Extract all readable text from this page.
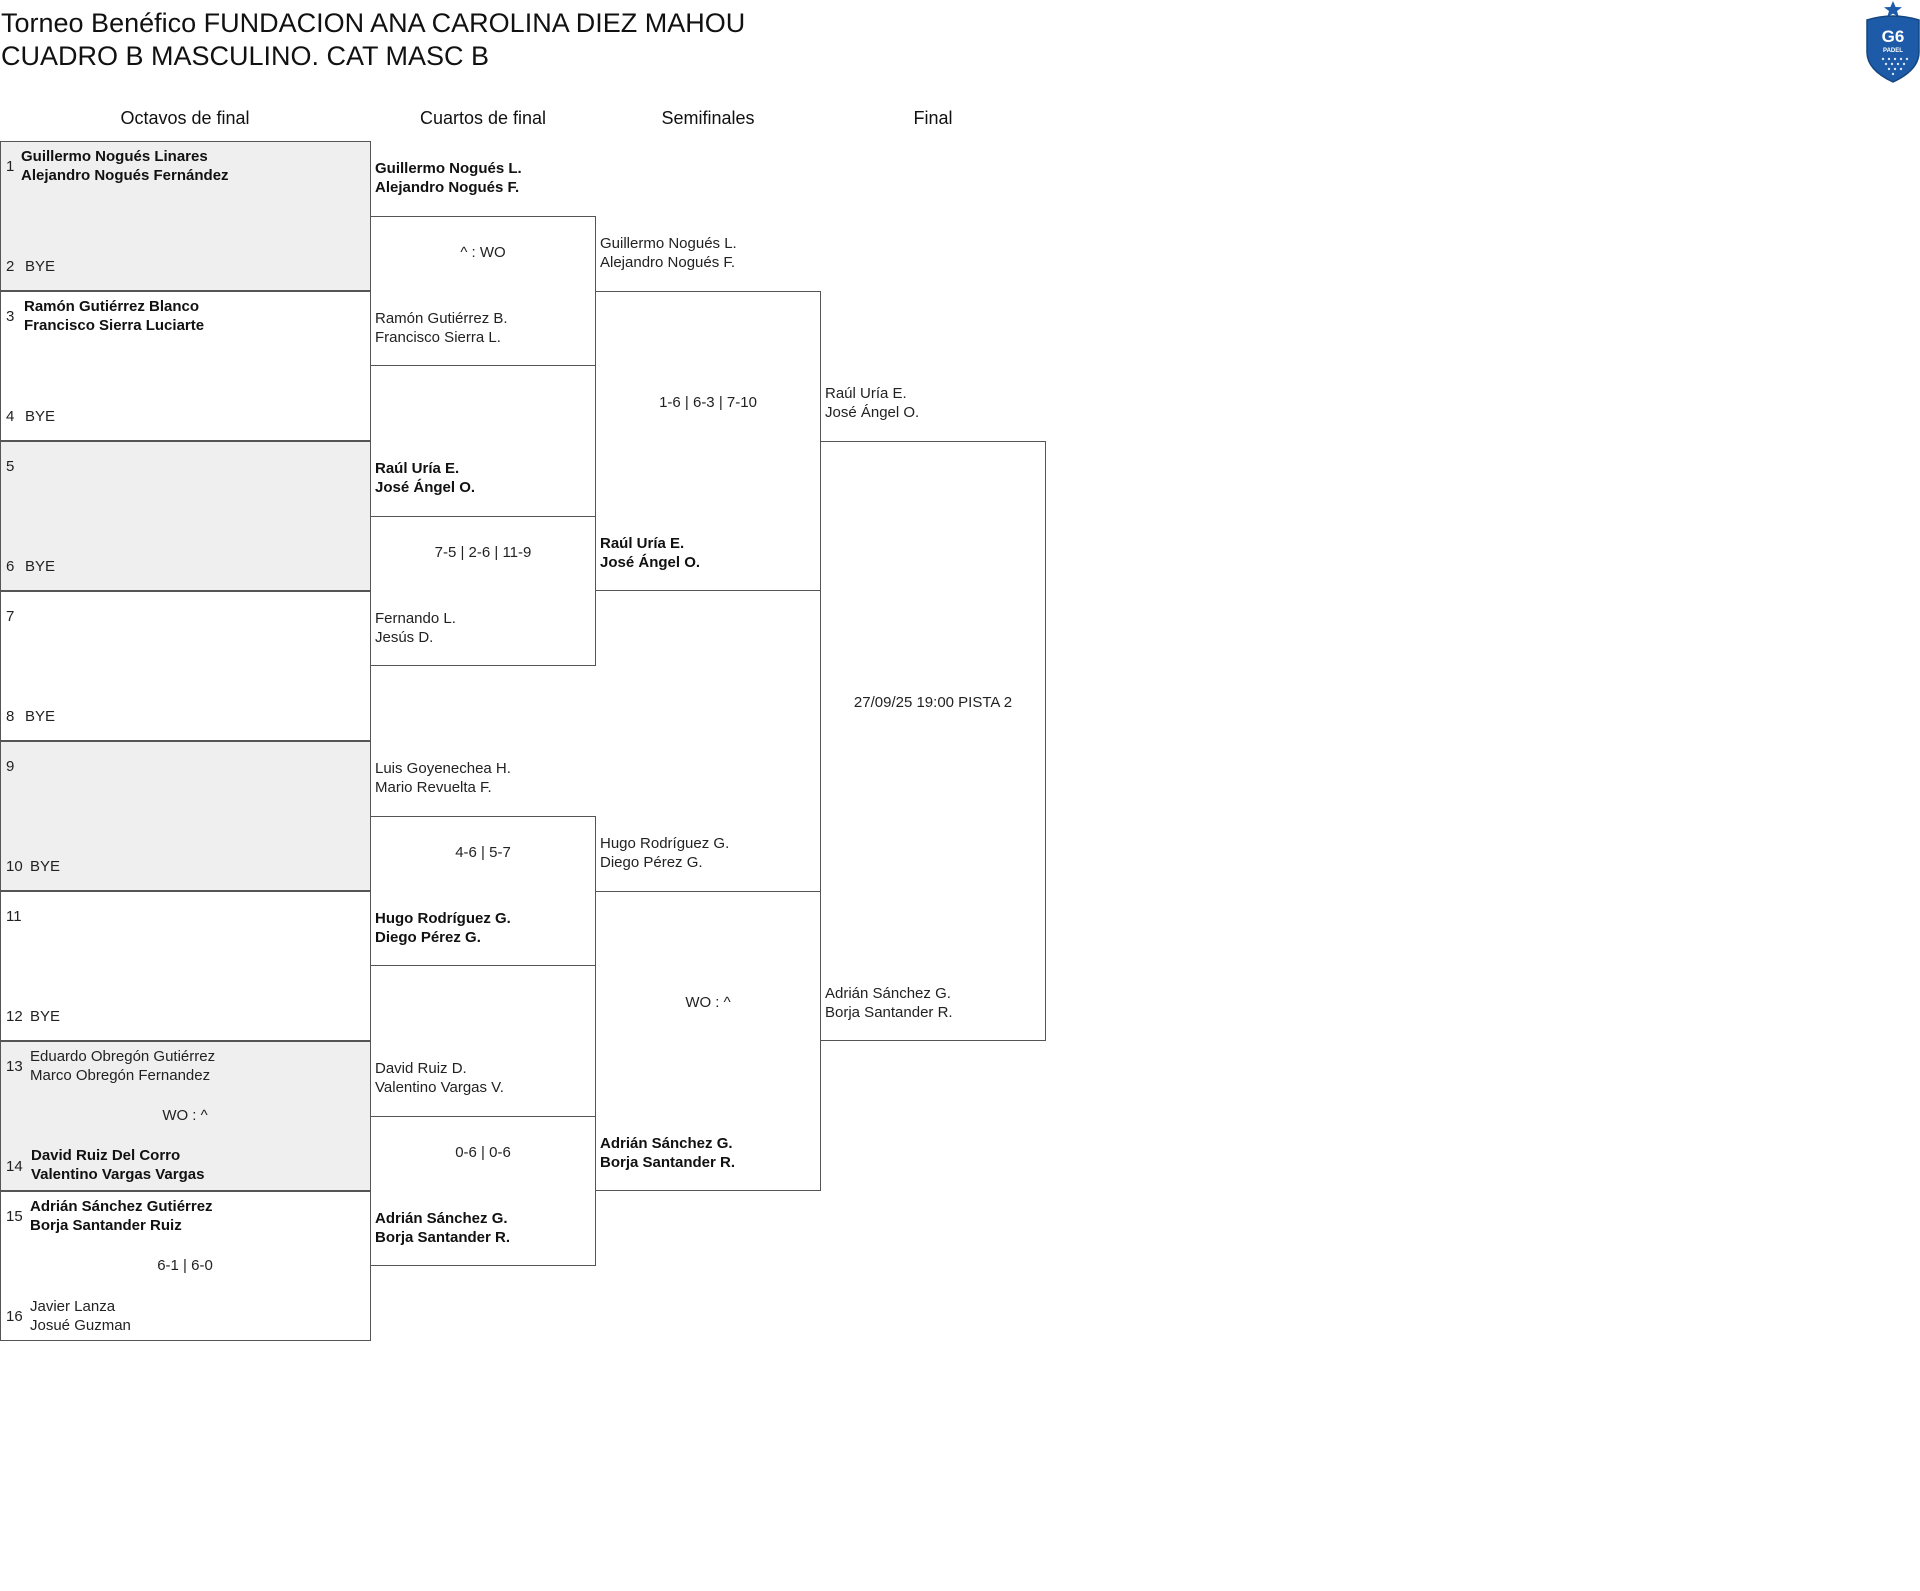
Torneo Benéfico FUNDACION ANA CAROLINA DIEZ MAHOU
CUADRO B MASCULINO. CAT MASC B
G6
PADEL
Octavos de final	Cuartos de final	Semifinales	Final
1
Guillermo Nogués Linares
Alejandro Nogués Fernández
2 BYE
3
Ramón Gutiérrez Blanco
Francisco Sierra Luciarte
4 BYE
5
6 BYE
7
8 BYE
9
10 BYE
11
12 BYE
13
Eduardo Obregón Gutiérrez
Marco Obregón Fernandez
WO : ^
14
David Ruiz Del Corro
Valentino Vargas Vargas
15
Adrián Sánchez Gutiérrez
Borja Santander Ruiz
6-1 | 6-0
16
Javier Lanza
Josué Guzman
Guillermo Nogués L.
Alejandro Nogués F.
^ : WO
Ramón Gutiérrez B.
Francisco Sierra L.
Raúl Uría E.
José Ángel O.
7-5 | 2-6 | 11-9
Fernando L.
Jesús D.
Luis Goyenechea H.
Mario Revuelta F.
4-6 | 5-7
Hugo Rodríguez G.
Diego Pérez G.
David Ruiz D.
Valentino Vargas V.
0-6 | 0-6
Adrián Sánchez G.
Borja Santander R.
Guillermo Nogués L.
Alejandro Nogués F.
1-6 | 6-3 | 7-10
Raúl Uría E.
José Ángel O.
Hugo Rodríguez G.
Diego Pérez G.
WO : ^
Adrián Sánchez G.
Borja Santander R.
Raúl Uría E.
José Ángel O.
27/09/25 19:00 PISTA 2
Adrián Sánchez G.
Borja Santander R.
